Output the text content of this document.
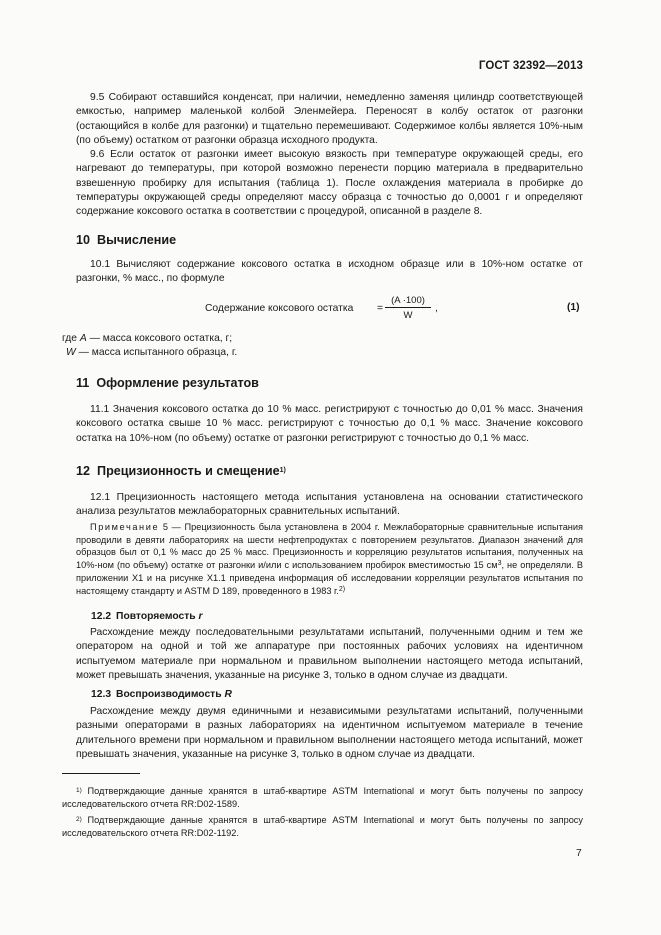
ГОСТ 32392—2013

9.5 Собирают оставшийся конденсат, при наличии, немедленно заменяя цилиндр соответствующей емкостью, например маленькой колбой Эленмейера. Переносят в колбу остаток от разгонки (остающийся в колбе для разгонки) и тщательно перемешивают. Содержимое колбы является 10%-ным (по объему) остатком от разгонки образца исходного продукта.

9.6 Если остаток от разгонки имеет высокую вязкость при температуре окружающей среды, его нагревают до температуры, при которой возможно перенести порцию материала в предварительно взвешенную пробирку для испытания (таблица 1). После охлаждения материала в пробирке до температуры окружающей среды определяют массу образца с точностью до 0,0001 г и определяют содержание коксового остатка в соответствии с процедурой, описанной в разделе 8.

10 Вычисление

10.1 Вычисляют содержание коксового остатка в исходном образце или в 10%-ном остатке от разгонки, % масс., по формуле

Содержание коксового остатка = $\frac{(A \cdot 100)}{W}$ ,	(1)
где A — масса коксового остатка, г;
W — масса испытанного образца, г.
11 Оформление результатов

11.1 Значения коксового остатка до 10 % масс. регистрируют с точностью до 0,01 % масс. Значения коксового остатка свыше 10 % масс. регистрируют с точностью до 0,1 % масс. Значение коксового остатка на 10%-ном (по объему) остатке от разгонки регистрируют с точностью до 0,1 % масс.

12 Прецизионность и смещение$^{1)}$

12.1 Прецизионность настоящего метода испытания установлена на основании статистического анализа результатов межлабораторных сравнительных испытаний.

Примечание 5 — Прецизионность была установлена в 2004 г. Межлабораторные сравнительные испытания проводили в девяти лабораториях на шести нефтепродуктах с повторением результатов. Диапазон значений для образцов был от 0,1 % масс до 25 % масс. Прецизионность и корреляцию результатов испытания, полученных на 10%-ном (по объему) остатке от разгонки и/или с использованием пробирок вместимостью 15 $см^3$, не определяли. В приложении X1 и на рисунке X1.1 приведена информация об исследовании корреляции результатов испытания по настоящему стандарту и ASTM D 189, проведенного в 1983 г.$^{2)}$

12.2 Повторяемость r

Расхождение между последовательными результатами испытаний, полученными одним и тем же оператором на одной и той же аппаратуре при постоянных рабочих условиях на идентичном испытуемом материале при нормальном и правильном выполнении настоящего метода испытаний, может превышать значения, указанные на рисунке 3, только в одном случае из двадцати.

12.3 Воспроизводимость R

Расхождение между двумя единичными и независимыми результатами испытаний, полученными разными операторами в разных лабораториях на идентичном испытуемом материале в течение длительного времени при нормальном и правильном выполнении настоящего метода испытаний, может превышать значения, указанные на рисунке 3, только в одном случае из двадцати.

$^{1)}$ Подтверждающие данные хранятся в штаб-квартире ASTM International и могут быть получены по запросу исследовательского отчета RR:D02-1589.

$^{2)}$ Подтверждающие данные хранятся в штаб-квартире ASTM International и могут быть получены по запросу исследовательского отчета RR:D02-1192.

7
